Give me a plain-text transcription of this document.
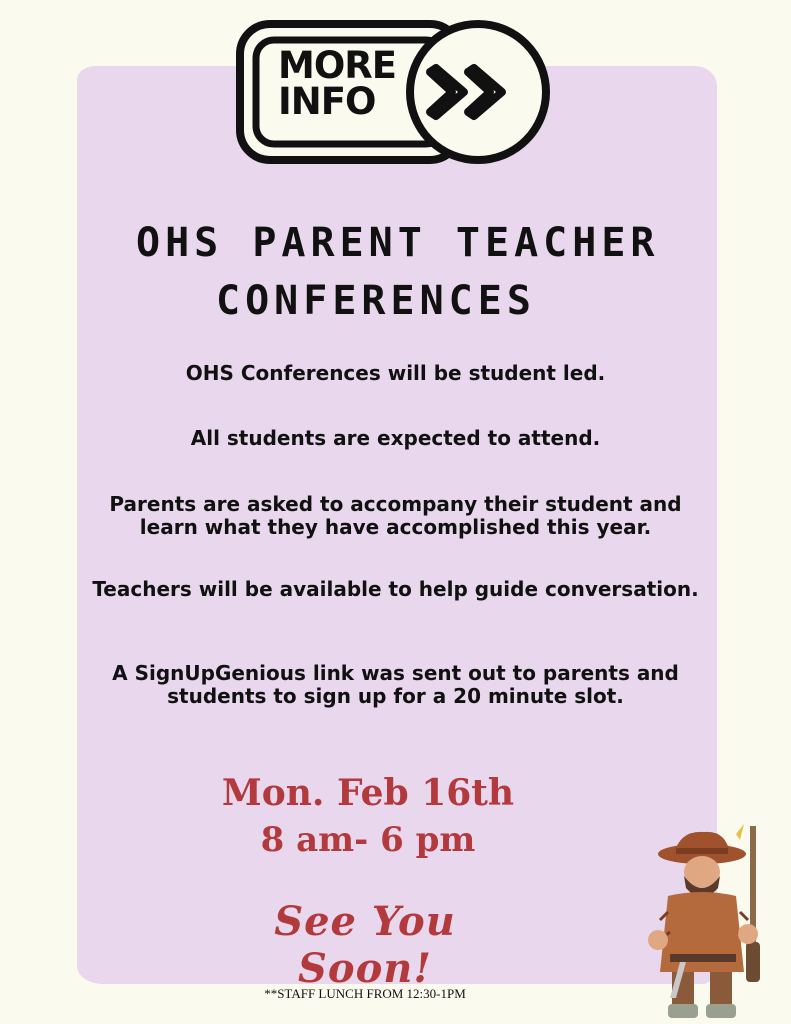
MORE
INFO
OHS PARENT TEACHER
CONFERENCES
OHS Conferences will be student led.
All students are expected to attend.
Parents are asked to accompany their student and learn what they have accomplished this year.
Teachers will be available to help guide conversation.
A SignUpGenious link was sent out to parents and students to sign up for a 20 minute slot.
Mon. Feb 16th
8 am- 6 pm
See You Soon!
**STAFF LUNCH FROM 12:30-1PM
